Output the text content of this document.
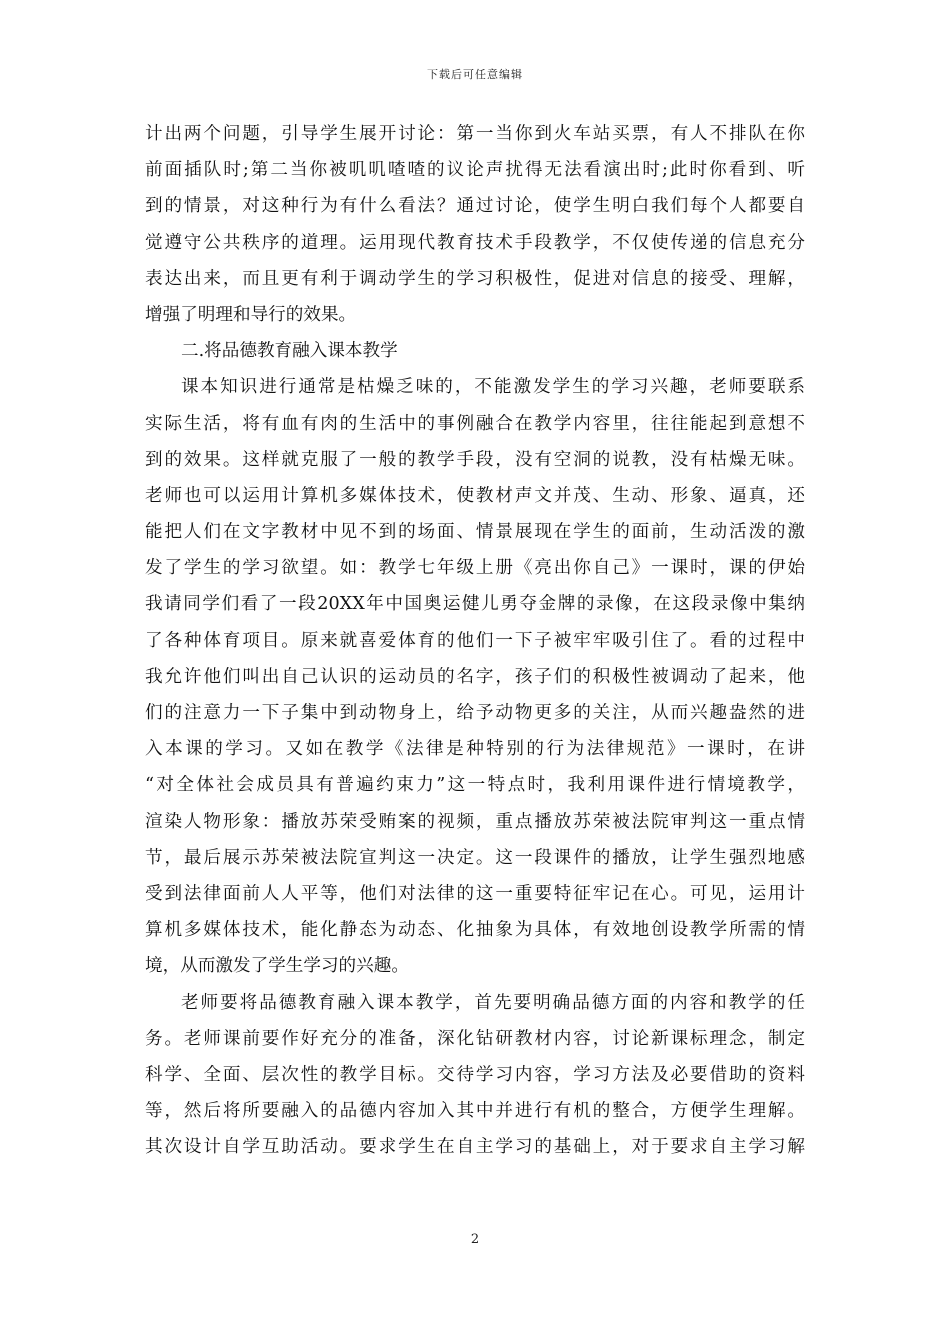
下载后可任意编辑
计出两个问题，引导学生展开讨论：第一当你到火车站买票，有人不排队在你
前面插队时;第二当你被叽叽喳喳的议论声扰得无法看演出时;此时你看到、听
到的情景，对这种行为有什么看法？通过讨论，使学生明白我们每个人都要自
觉遵守公共秩序的道理。运用现代教育技术手段教学，不仅使传递的信息充分
表达出来，而且更有利于调动学生的学习积极性，促进对信息的接受、理解，
增强了明理和导行的效果。
二.将品德教育融入课本教学
课本知识进行通常是枯燥乏味的，不能激发学生的学习兴趣，老师要联系
实际生活，将有血有肉的生活中的事例融合在教学内容里，往往能起到意想不
到的效果。这样就克服了一般的教学手段，没有空洞的说教，没有枯燥无味。
老师也可以运用计算机多媒体技术，使教材声文并茂、生动、形象、逼真，还
能把人们在文字教材中见不到的场面、情景展现在学生的面前，生动活泼的激
发了学生的学习欲望。如：教学七年级上册《亮出你自己》一课时，课的伊始
我请同学们看了一段20XX年中国奥运健儿勇夺金牌的录像，在这段录像中集纳
了各种体育项目。原来就喜爱体育的他们一下子被牢牢吸引住了。看的过程中
我允许他们叫出自己认识的运动员的名字，孩子们的积极性被调动了起来，他
们的注意力一下子集中到动物身上，给予动物更多的关注，从而兴趣盎然的进
入本课的学习。又如在教学《法律是种特别的行为法律规范》一课时，在讲
“对全体社会成员具有普遍约束力”这一特点时，我利用课件进行情境教学，
渲染人物形象：播放苏荣受贿案的视频，重点播放苏荣被法院审判这一重点情
节，最后展示苏荣被法院宣判这一决定。这一段课件的播放，让学生强烈地感
受到法律面前人人平等，他们对法律的这一重要特征牢记在心。可见，运用计
算机多媒体技术，能化静态为动态、化抽象为具体，有效地创设教学所需的情
境，从而激发了学生学习的兴趣。
老师要将品德教育融入课本教学，首先要明确品德方面的内容和教学的任
务。老师课前要作好充分的准备，深化钻研教材内容，讨论新课标理念，制定
科学、全面、层次性的教学目标。交待学习内容，学习方法及必要借助的资料
等，然后将所要融入的品德内容加入其中并进行有机的整合，方便学生理解。
其次设计自学互助活动。要求学生在自主学习的基础上，对于要求自主学习解
2
